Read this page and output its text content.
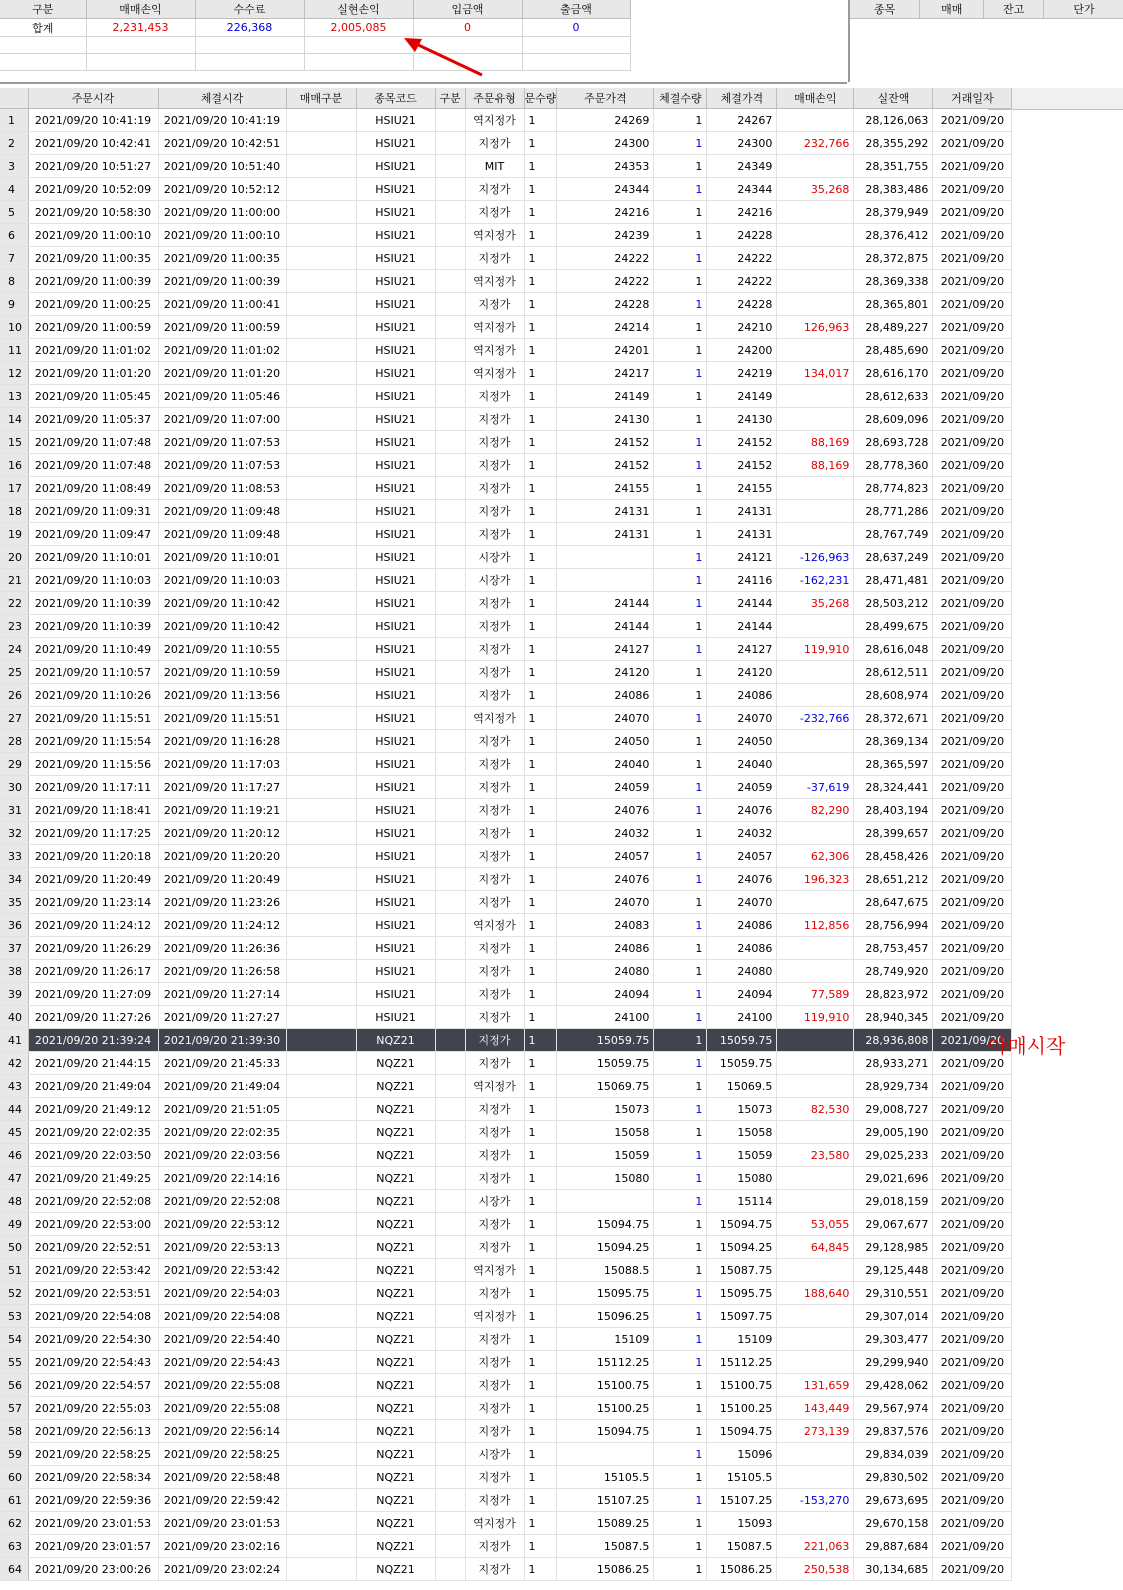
구분	매매손익	수수료	실현손익	입금액	출금액
합계	2,231,453	226,368	2,005,085	0	0

종목	매매	잔고	단가
	주문시각	체결시각	매매구분	종목코드	구분	주문유형	문수량	주문가격	체결수량	체결가격	매매손익	실잔액	거래일자
1	2021/09/20 10:41:19	2021/09/20 10:41:19		HSIU21		역지정가	1	24269	1	24267		28,126,063	2021/09/20
2	2021/09/20 10:42:41	2021/09/20 10:42:51		HSIU21		지정가	1	24300	1	24300	232,766	28,355,292	2021/09/20
3	2021/09/20 10:51:27	2021/09/20 10:51:40		HSIU21		MIT	1	24353	1	24349		28,351,755	2021/09/20
4	2021/09/20 10:52:09	2021/09/20 10:52:12		HSIU21		지정가	1	24344	1	24344	35,268	28,383,486	2021/09/20
5	2021/09/20 10:58:30	2021/09/20 11:00:00		HSIU21		지정가	1	24216	1	24216		28,379,949	2021/09/20
6	2021/09/20 11:00:10	2021/09/20 11:00:10		HSIU21		역지정가	1	24239	1	24228		28,376,412	2021/09/20
7	2021/09/20 11:00:35	2021/09/20 11:00:35		HSIU21		지정가	1	24222	1	24222		28,372,875	2021/09/20
8	2021/09/20 11:00:39	2021/09/20 11:00:39		HSIU21		역지정가	1	24222	1	24222		28,369,338	2021/09/20
9	2021/09/20 11:00:25	2021/09/20 11:00:41		HSIU21		지정가	1	24228	1	24228		28,365,801	2021/09/20
10	2021/09/20 11:00:59	2021/09/20 11:00:59		HSIU21		역지정가	1	24214	1	24210	126,963	28,489,227	2021/09/20
11	2021/09/20 11:01:02	2021/09/20 11:01:02		HSIU21		역지정가	1	24201	1	24200		28,485,690	2021/09/20
12	2021/09/20 11:01:20	2021/09/20 11:01:20		HSIU21		역지정가	1	24217	1	24219	134,017	28,616,170	2021/09/20
13	2021/09/20 11:05:45	2021/09/20 11:05:46		HSIU21		지정가	1	24149	1	24149		28,612,633	2021/09/20
14	2021/09/20 11:05:37	2021/09/20 11:07:00		HSIU21		지정가	1	24130	1	24130		28,609,096	2021/09/20
15	2021/09/20 11:07:48	2021/09/20 11:07:53		HSIU21		지정가	1	24152	1	24152	88,169	28,693,728	2021/09/20
16	2021/09/20 11:07:48	2021/09/20 11:07:53		HSIU21		지정가	1	24152	1	24152	88,169	28,778,360	2021/09/20
17	2021/09/20 11:08:49	2021/09/20 11:08:53		HSIU21		지정가	1	24155	1	24155		28,774,823	2021/09/20
18	2021/09/20 11:09:31	2021/09/20 11:09:48		HSIU21		지정가	1	24131	1	24131		28,771,286	2021/09/20
19	2021/09/20 11:09:47	2021/09/20 11:09:48		HSIU21		지정가	1	24131	1	24131		28,767,749	2021/09/20
20	2021/09/20 11:10:01	2021/09/20 11:10:01		HSIU21		시장가	1		1	24121	-126,963	28,637,249	2021/09/20
21	2021/09/20 11:10:03	2021/09/20 11:10:03		HSIU21		시장가	1		1	24116	-162,231	28,471,481	2021/09/20
22	2021/09/20 11:10:39	2021/09/20 11:10:42		HSIU21		지정가	1	24144	1	24144	35,268	28,503,212	2021/09/20
23	2021/09/20 11:10:39	2021/09/20 11:10:42		HSIU21		지정가	1	24144	1	24144		28,499,675	2021/09/20
24	2021/09/20 11:10:49	2021/09/20 11:10:55		HSIU21		지정가	1	24127	1	24127	119,910	28,616,048	2021/09/20
25	2021/09/20 11:10:57	2021/09/20 11:10:59		HSIU21		지정가	1	24120	1	24120		28,612,511	2021/09/20
26	2021/09/20 11:10:26	2021/09/20 11:13:56		HSIU21		지정가	1	24086	1	24086		28,608,974	2021/09/20
27	2021/09/20 11:15:51	2021/09/20 11:15:51		HSIU21		역지정가	1	24070	1	24070	-232,766	28,372,671	2021/09/20
28	2021/09/20 11:15:54	2021/09/20 11:16:28		HSIU21		지정가	1	24050	1	24050		28,369,134	2021/09/20
29	2021/09/20 11:15:56	2021/09/20 11:17:03		HSIU21		지정가	1	24040	1	24040		28,365,597	2021/09/20
30	2021/09/20 11:17:11	2021/09/20 11:17:27		HSIU21		지정가	1	24059	1	24059	-37,619	28,324,441	2021/09/20
31	2021/09/20 11:18:41	2021/09/20 11:19:21		HSIU21		지정가	1	24076	1	24076	82,290	28,403,194	2021/09/20
32	2021/09/20 11:17:25	2021/09/20 11:20:12		HSIU21		지정가	1	24032	1	24032		28,399,657	2021/09/20
33	2021/09/20 11:20:18	2021/09/20 11:20:20		HSIU21		지정가	1	24057	1	24057	62,306	28,458,426	2021/09/20
34	2021/09/20 11:20:49	2021/09/20 11:20:49		HSIU21		지정가	1	24076	1	24076	196,323	28,651,212	2021/09/20
35	2021/09/20 11:23:14	2021/09/20 11:23:26		HSIU21		지정가	1	24070	1	24070		28,647,675	2021/09/20
36	2021/09/20 11:24:12	2021/09/20 11:24:12		HSIU21		역지정가	1	24083	1	24086	112,856	28,756,994	2021/09/20
37	2021/09/20 11:26:29	2021/09/20 11:26:36		HSIU21		지정가	1	24086	1	24086		28,753,457	2021/09/20
38	2021/09/20 11:26:17	2021/09/20 11:26:58		HSIU21		지정가	1	24080	1	24080		28,749,920	2021/09/20
39	2021/09/20 11:27:09	2021/09/20 11:27:14		HSIU21		지정가	1	24094	1	24094	77,589	28,823,972	2021/09/20
40	2021/09/20 11:27:26	2021/09/20 11:27:27		HSIU21		지정가	1	24100	1	24100	119,910	28,940,345	2021/09/20
41	2021/09/20 21:39:24	2021/09/20 21:39:30		NQZ21		지정가	1	15059.75	1	15059.75		28,936,808	2021/09/20
42	2021/09/20 21:44:15	2021/09/20 21:45:33		NQZ21		지정가	1	15059.75	1	15059.75		28,933,271	2021/09/20
43	2021/09/20 21:49:04	2021/09/20 21:49:04		NQZ21		역지정가	1	15069.75	1	15069.5		28,929,734	2021/09/20
44	2021/09/20 21:49:12	2021/09/20 21:51:05		NQZ21		지정가	1	15073	1	15073	82,530	29,008,727	2021/09/20
45	2021/09/20 22:02:35	2021/09/20 22:02:35		NQZ21		지정가	1	15058	1	15058		29,005,190	2021/09/20
46	2021/09/20 22:03:50	2021/09/20 22:03:56		NQZ21		지정가	1	15059	1	15059	23,580	29,025,233	2021/09/20
47	2021/09/20 21:49:25	2021/09/20 22:14:16		NQZ21		지정가	1	15080	1	15080		29,021,696	2021/09/20
48	2021/09/20 22:52:08	2021/09/20 22:52:08		NQZ21		시장가	1		1	15114		29,018,159	2021/09/20
49	2021/09/20 22:53:00	2021/09/20 22:53:12		NQZ21		지정가	1	15094.75	1	15094.75	53,055	29,067,677	2021/09/20
50	2021/09/20 22:52:51	2021/09/20 22:53:13		NQZ21		지정가	1	15094.25	1	15094.25	64,845	29,128,985	2021/09/20
51	2021/09/20 22:53:42	2021/09/20 22:53:42		NQZ21		역지정가	1	15088.5	1	15087.75		29,125,448	2021/09/20
52	2021/09/20 22:53:51	2021/09/20 22:54:03		NQZ21		지정가	1	15095.75	1	15095.75	188,640	29,310,551	2021/09/20
53	2021/09/20 22:54:08	2021/09/20 22:54:08		NQZ21		역지정가	1	15096.25	1	15097.75		29,307,014	2021/09/20
54	2021/09/20 22:54:30	2021/09/20 22:54:40		NQZ21		지정가	1	15109	1	15109		29,303,477	2021/09/20
55	2021/09/20 22:54:43	2021/09/20 22:54:43		NQZ21		지정가	1	15112.25	1	15112.25		29,299,940	2021/09/20
56	2021/09/20 22:54:57	2021/09/20 22:55:08		NQZ21		지정가	1	15100.75	1	15100.75	131,659	29,428,062	2021/09/20
57	2021/09/20 22:55:03	2021/09/20 22:55:08		NQZ21		지정가	1	15100.25	1	15100.25	143,449	29,567,974	2021/09/20
58	2021/09/20 22:56:13	2021/09/20 22:56:14		NQZ21		지정가	1	15094.75	1	15094.75	273,139	29,837,576	2021/09/20
59	2021/09/20 22:58:25	2021/09/20 22:58:25		NQZ21		시장가	1		1	15096		29,834,039	2021/09/20
60	2021/09/20 22:58:34	2021/09/20 22:58:48		NQZ21		지정가	1	15105.5	1	15105.5		29,830,502	2021/09/20
61	2021/09/20 22:59:36	2021/09/20 22:59:42		NQZ21		지정가	1	15107.25	1	15107.25	-153,270	29,673,695	2021/09/20
62	2021/09/20 23:01:53	2021/09/20 23:01:53		NQZ21		역지정가	1	15089.25	1	15093		29,670,158	2021/09/20
63	2021/09/20 23:01:57	2021/09/20 23:02:16		NQZ21		지정가	1	15087.5	1	15087.5	221,063	29,887,684	2021/09/20
64	2021/09/20 23:00:26	2021/09/20 23:02:24		NQZ21		지정가	1	15086.25	1	15086.25	250,538	30,134,685	2021/09/20
야매시작
